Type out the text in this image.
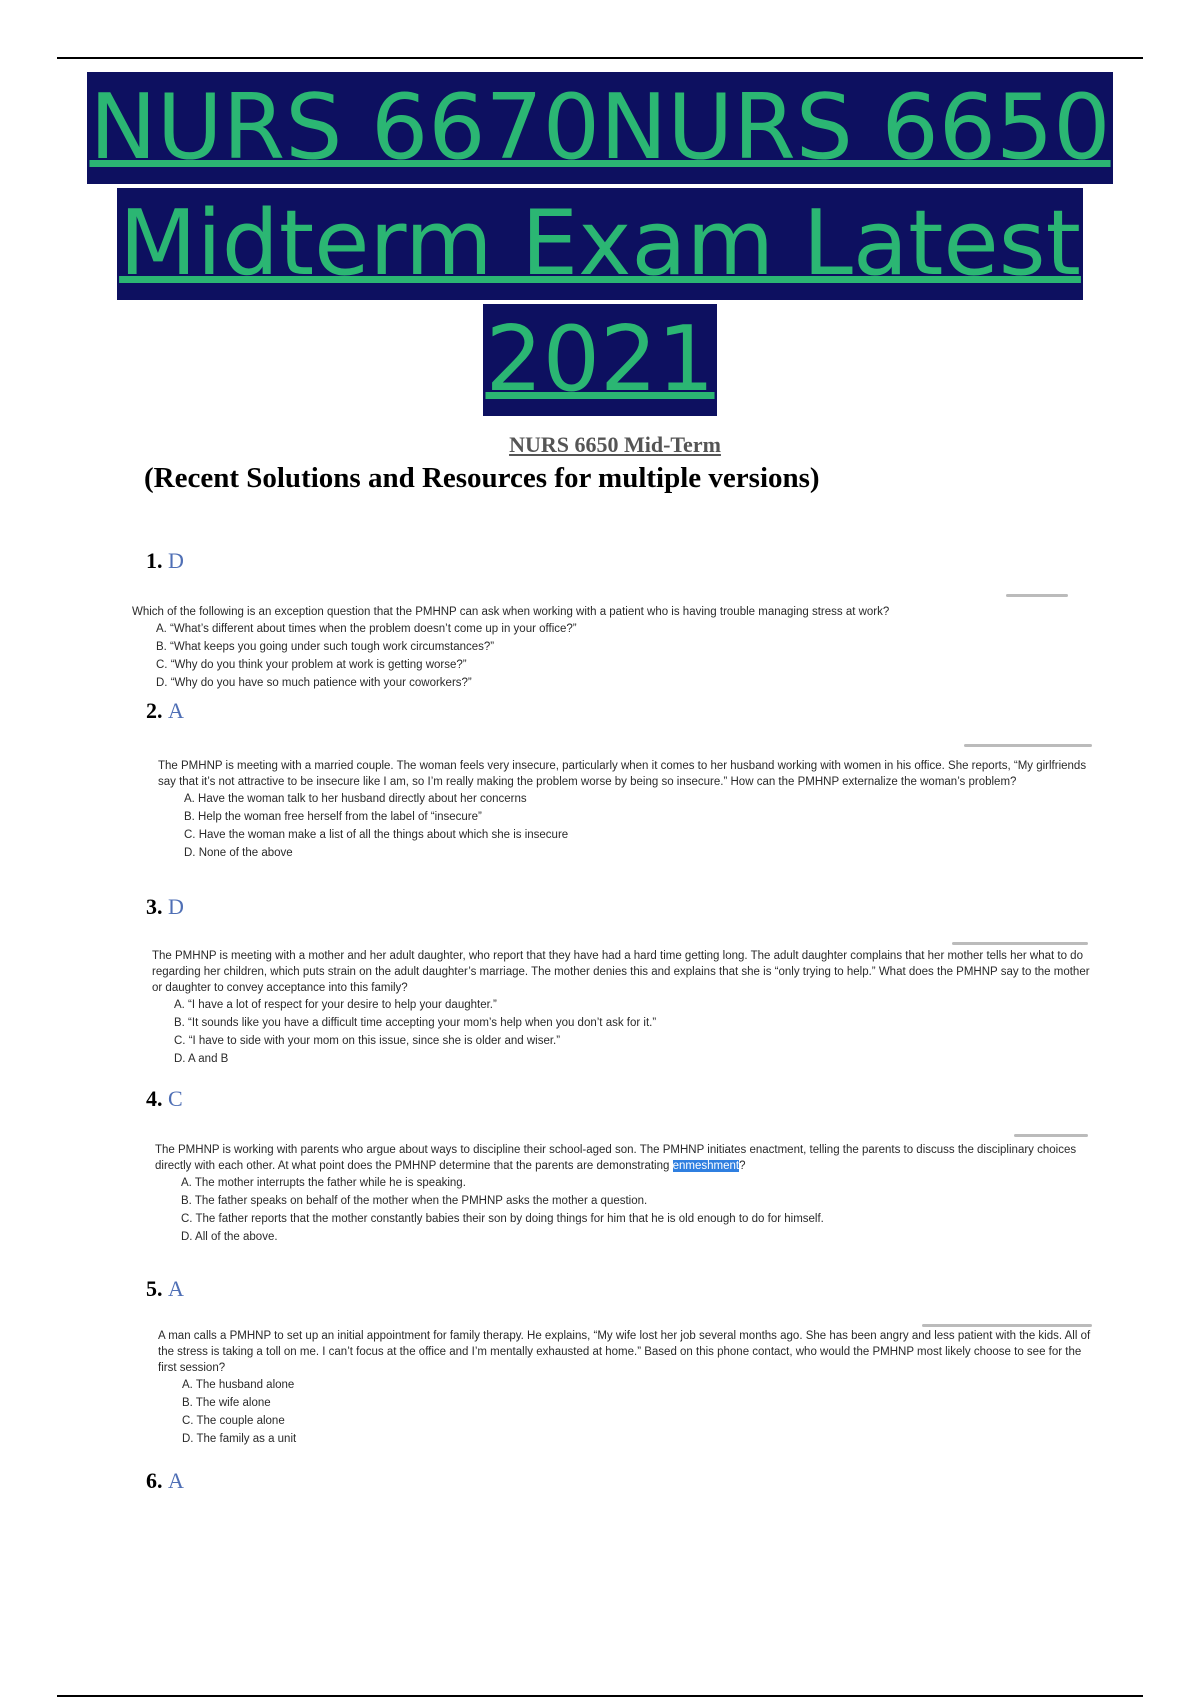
NURS 6670NURS 6650
Midterm Exam Latest
2021
NURS 6650 Mid-Term
(Recent Solutions and Resources for multiple versions)
1. D

Which of the following is an exception question that the PMHNP can ask when working with a patient who is having trouble managing stress at work?

A. “What’s different about times when the problem doesn’t come up in your office?”
B. “What keeps you going under such tough work circumstances?”
C. “Why do you think your problem at work is getting worse?”
D. “Why do you have so much patience with your coworkers?”
2. A

The PMHNP is meeting with a married couple. The woman feels very insecure, particularly when it comes to her husband working with women in his office. She reports, “My girlfriends say that it’s not attractive to be insecure like I am, so I’m really making the problem worse by being so insecure.” How can the PMHNP externalize the woman’s problem?

A. Have the woman talk to her husband directly about her concerns
B. Help the woman free herself from the label of “insecure”
C. Have the woman make a list of all the things about which she is insecure
D. None of the above
3. D

The PMHNP is meeting with a mother and her adult daughter, who report that they have had a hard time getting long. The adult daughter complains that her mother tells her what to do regarding her children, which puts strain on the adult daughter’s marriage. The mother denies this and explains that she is “only trying to help.” What does the PMHNP say to the mother or daughter to convey acceptance into this family?

A. “I have a lot of respect for your desire to help your daughter.”
B. “It sounds like you have a difficult time accepting your mom’s help when you don’t ask for it.”
C. “I have to side with your mom on this issue, since she is older and wiser.”
D. A and B
4. C

The PMHNP is working with parents who argue about ways to discipline their school-aged son. The PMHNP initiates enactment, telling the parents to discuss the disciplinary choices directly with each other. At what point does the PMHNP determine that the parents are demonstrating enmeshment?

A. The mother interrupts the father while he is speaking.
B. The father speaks on behalf of the mother when the PMHNP asks the mother a question.
C. The father reports that the mother constantly babies their son by doing things for him that he is old enough to do for himself.
D. All of the above.
5. A

A man calls a PMHNP to set up an initial appointment for family therapy. He explains, “My wife lost her job several months ago. She has been angry and less patient with the kids. All of the stress is taking a toll on me. I can’t focus at the office and I’m mentally exhausted at home.” Based on this phone contact, who would the PMHNP most likely choose to see for the first session?

A. The husband alone
B. The wife alone
C. The couple alone
D. The family as a unit
6. A
